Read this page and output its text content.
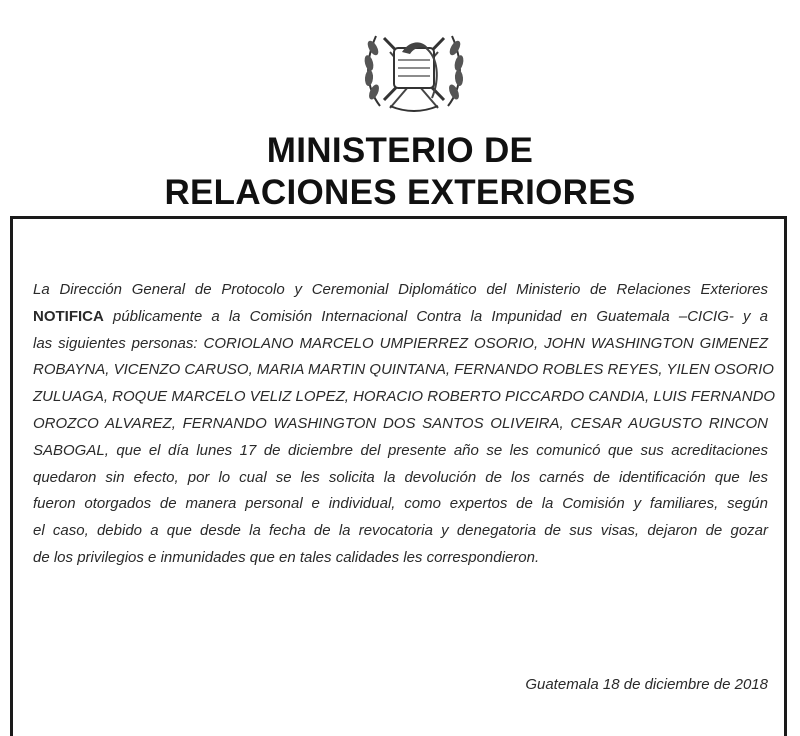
MINISTERIO DE
RELACIONES EXTERIORES
La Dirección General de Protocolo y Ceremonial Diplomático del Ministerio de Relaciones Exteriores
NOTIFICA públicamente a la Comisión Internacional Contra la Impunidad en Guatemala –CICIG- y a
las siguientes personas: CORIOLANO MARCELO UMPIERREZ OSORIO, JOHN WASHINGTON GIMENEZ
ROBAYNA, VICENZO CARUSO, MARIA MARTIN QUINTANA, FERNANDO ROBLES REYES, YILEN OSORIO
ZULUAGA, ROQUE MARCELO VELIZ LOPEZ, HORACIO ROBERTO PICCARDO CANDIA, LUIS FERNANDO
OROZCO ALVAREZ, FERNANDO WASHINGTON DOS SANTOS OLIVEIRA, CESAR AUGUSTO RINCON
SABOGAL, que el día lunes 17 de diciembre del presente año se les comunicó que sus acreditaciones
quedaron sin efecto, por lo cual se les solicita la devolución de los carnés de identificación que les
fueron otorgados de manera personal e individual, como expertos de la Comisión y familiares, según
el caso, debido a que desde la fecha de la revocatoria y denegatoria de sus visas, dejaron de gozar
de los privilegios e inmunidades que en tales calidades les correspondieron.
Guatemala 18 de diciembre de 2018
